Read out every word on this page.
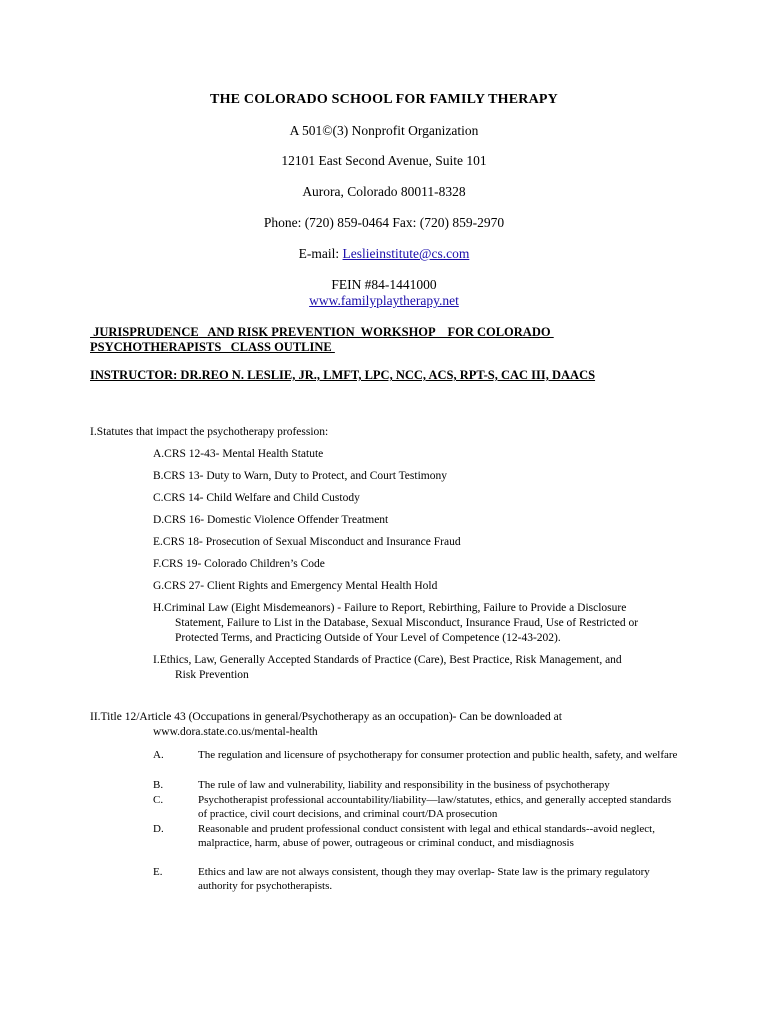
THE COLORADO SCHOOL FOR FAMILY THERAPY
A 501©(3) Nonprofit Organization
12101 East Second Avenue, Suite 101
Aurora, Colorado 80011-8328
Phone: (720) 859-0464 Fax: (720) 859-2970
E-mail: Leslieinstitute@cs.com
FEIN #84-1441000
www.familyplaytherapy.net
JURISPRUDENCE   AND RISK PREVENTION  WORKSHOP    FOR COLORADO
PSYCHOTHERAPISTS   CLASS OUTLINE
INSTRUCTOR: DR.REO N. LESLIE, JR., LMFT, LPC, NCC, ACS, RPT-S, CAC III, DAACS
I.Statutes that impact the psychotherapy profession:
A.CRS 12-43- Mental Health Statute
B.CRS 13- Duty to Warn, Duty to Protect, and Court Testimony
C.CRS 14- Child Welfare and Child Custody
D.CRS 16- Domestic Violence Offender Treatment
E.CRS 18- Prosecution of Sexual Misconduct and Insurance Fraud
F.CRS 19- Colorado Children’s Code
G.CRS 27- Client Rights and Emergency Mental Health Hold
H.Criminal Law (Eight Misdemeanors) - Failure to Report, Rebirthing, Failure to Provide a Disclosure
Statement, Failure to List in the Database, Sexual Misconduct, Insurance Fraud, Use of Restricted or Protected Terms, and Practicing Outside of Your Level of Competence (12-43-202).
I.Ethics, Law, Generally Accepted Standards of Practice (Care), Best Practice, Risk Management, and
Risk Prevention
II.Title 12/Article 43 (Occupations in general/Psychotherapy as an occupation)- Can be downloaded at
www.dora.state.co.us/mental-health
A.	The regulation and licensure of psychotherapy for consumer protection and public health, safety, and welfare
B.	The rule of law and vulnerability, liability and responsibility in the business of psychotherapy
C.	Psychotherapist professional accountability/liability—law/statutes, ethics, and generally accepted standards of practice, civil court decisions, and criminal court/DA prosecution
D.	Reasonable and prudent professional conduct consistent with legal and ethical standards--avoid neglect, malpractice, harm, abuse of power, outrageous or criminal conduct, and misdiagnosis
E.	Ethics and law are not always consistent, though they may overlap- State law is the primary regulatory authority for psychotherapists.
